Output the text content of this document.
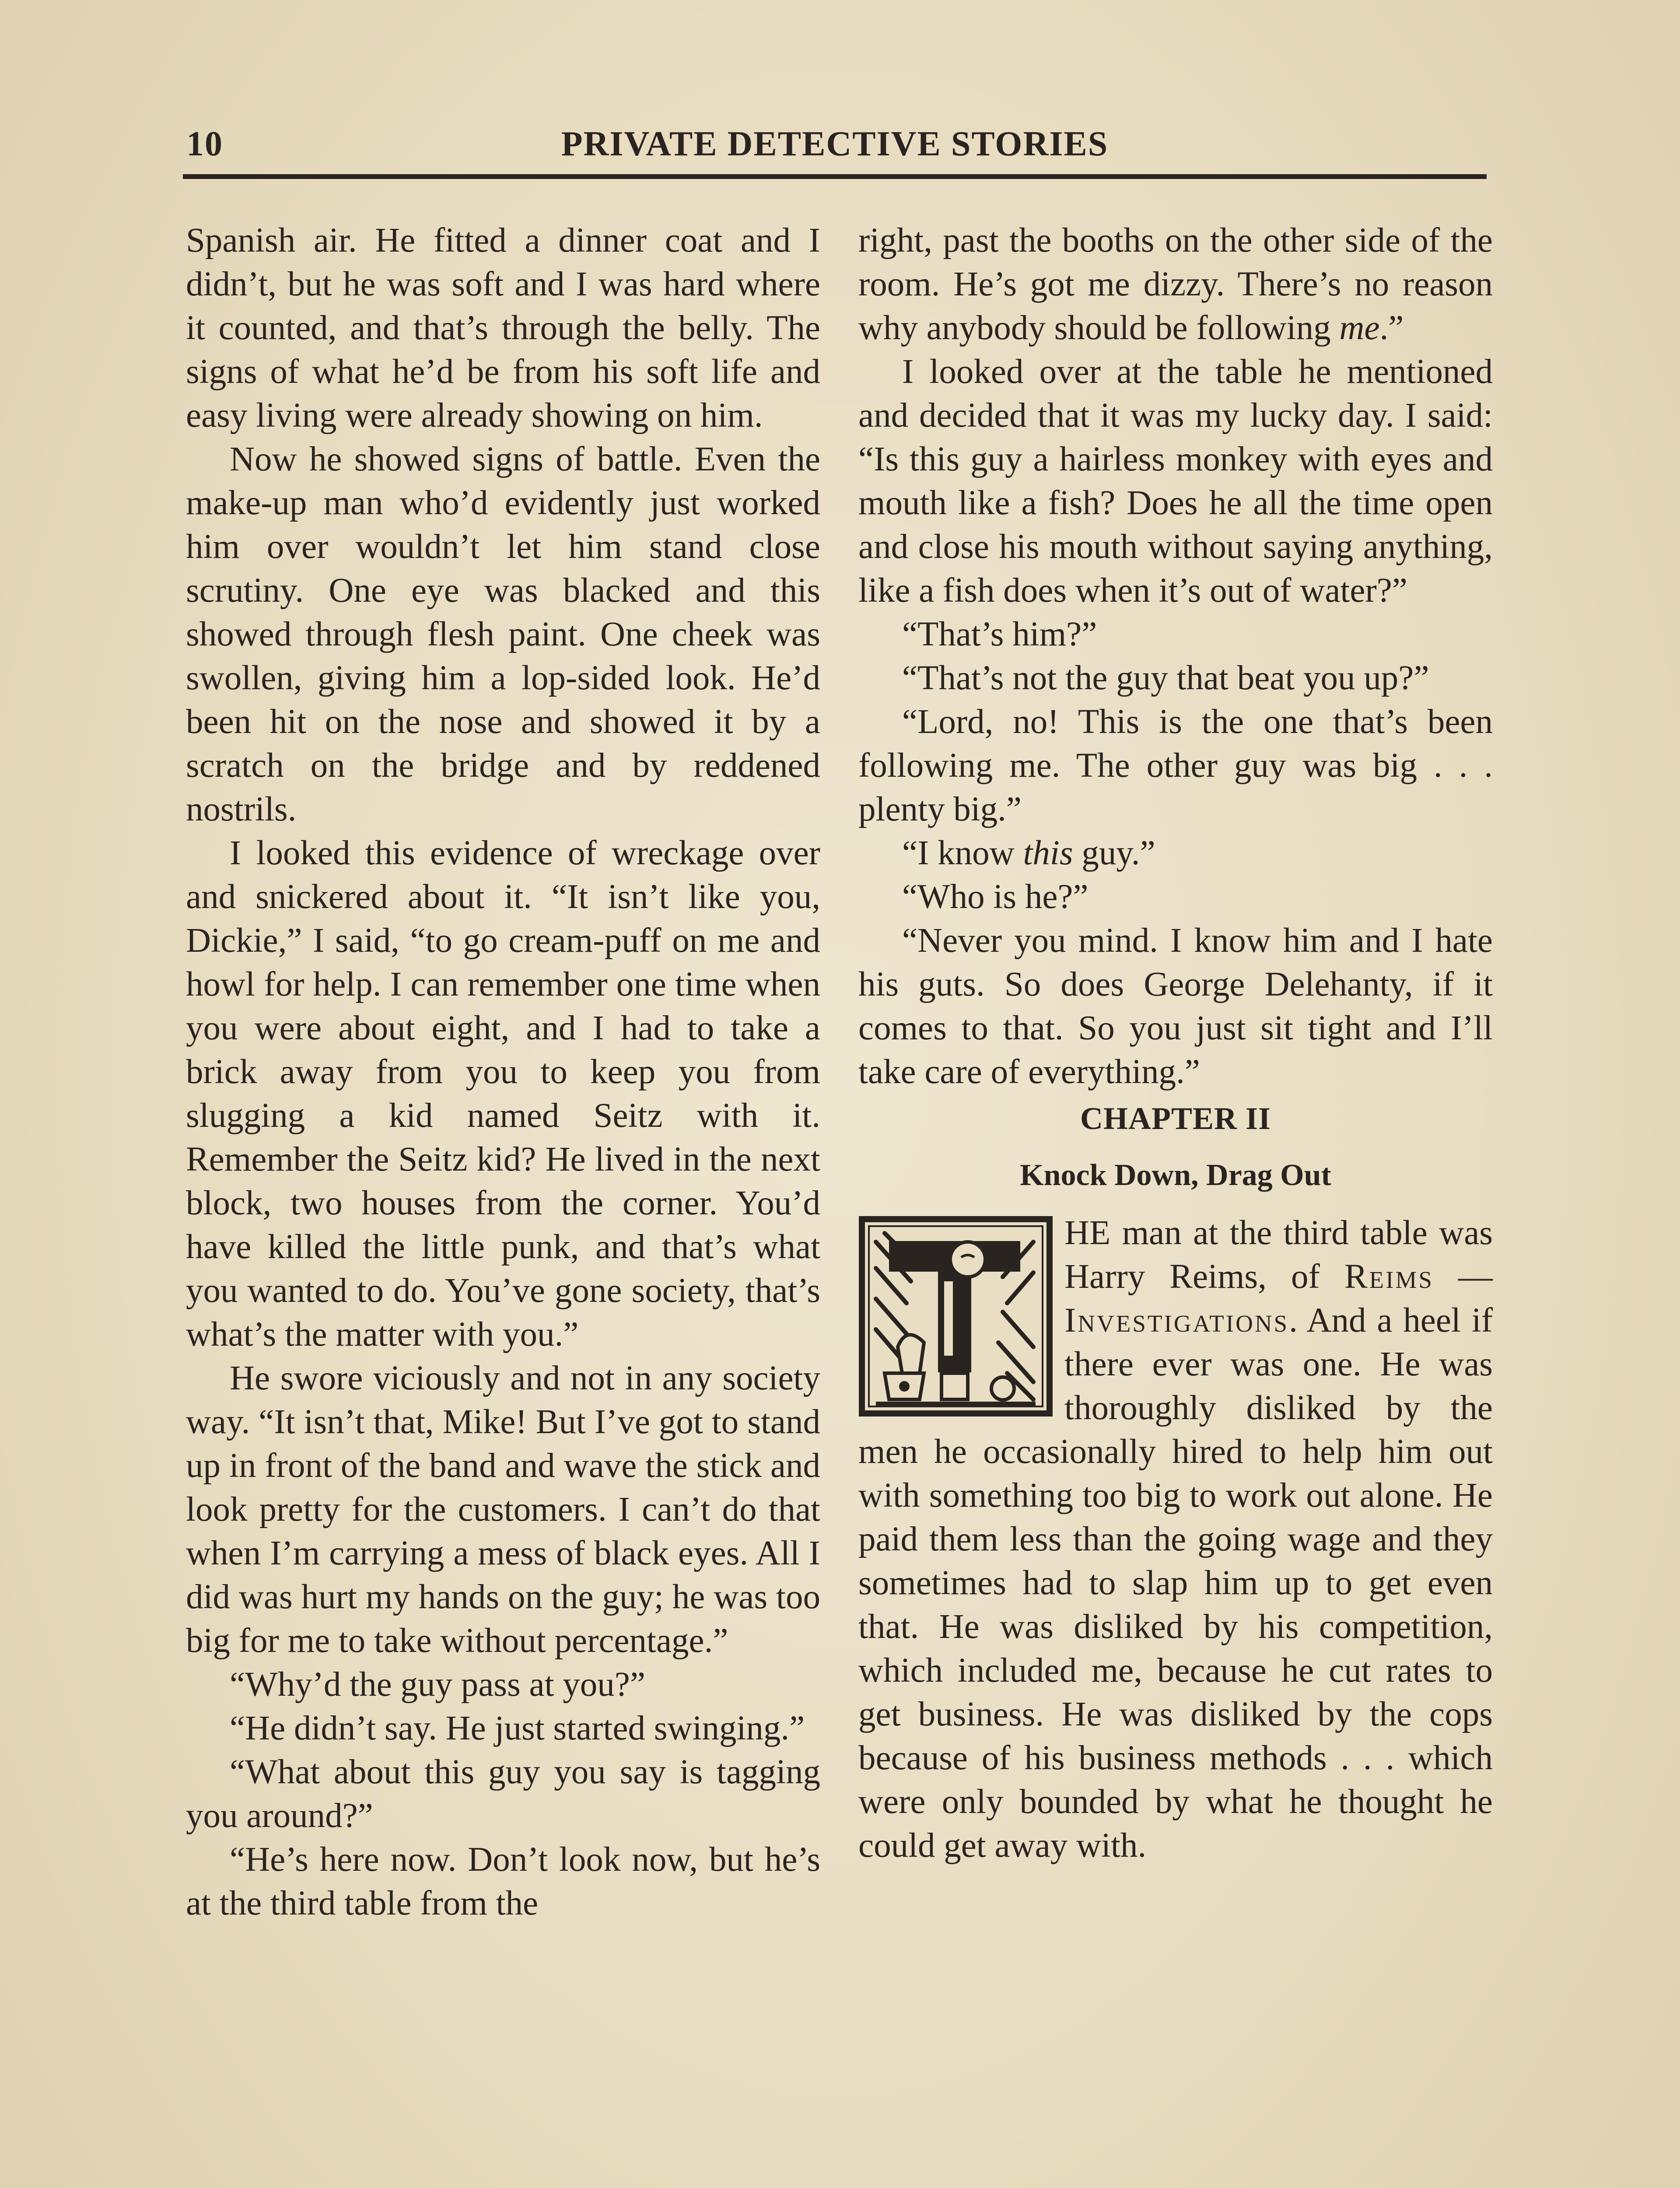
10	PRIVATE DETECTIVE STORIES

Spanish air. He fitted a dinner coat and I didn’t, but he was soft and I was hard where it counted, and that’s through the belly. The signs of what he’d be from his soft life and easy living were already showing on him.

Now he showed signs of battle. Even the make-up man who’d evidently just worked him over wouldn’t let him stand close scrutiny. One eye was blacked and this showed through flesh paint. One cheek was swollen, giving him a lop-sided look. He’d been hit on the nose and showed it by a scratch on the bridge and by reddened nostrils.

I looked this evidence of wreckage over and snickered about it. “It isn’t like you, Dickie,” I said, “to go cream-puff on me and howl for help. I can remember one time when you were about eight, and I had to take a brick away from you to keep you from slugging a kid named Seitz with it. Remember the Seitz kid? He lived in the next block, two houses from the corner. You’d have killed the little punk, and that’s what you wanted to do. You’ve gone society, that’s what’s the matter with you.”

He swore viciously and not in any society way. “It isn’t that, Mike! But I’ve got to stand up in front of the band and wave the stick and look pretty for the customers. I can’t do that when I’m carrying a mess of black eyes. All I did was hurt my hands on the guy; he was too big for me to take without percentage.”

“Why’d the guy pass at you?”

“He didn’t say. He just started swinging.”

“What about this guy you say is tagging you around?”

“He’s here now. Don’t look now, but he’s at the third table from the

right, past the booths on the other side of the room. He’s got me dizzy. There’s no reason why anybody should be following me.”

I looked over at the table he mentioned and decided that it was my lucky day. I said: “Is this guy a hairless monkey with eyes and mouth like a fish? Does he all the time open and close his mouth without saying anything, like a fish does when it’s out of water?”

“That’s him?”

“That’s not the guy that beat you up?”

“Lord, no! This is the one that’s been following me. The other guy was big . . . plenty big.”

“I know this guy.”

“Who is he?”

“Never you mind. I know him and I hate his guts. So does George Delehanty, if it comes to that. So you just sit tight and I’ll take care of everything.”

CHAPTER II
Knock Down, Drag Out

HE man at the third table was Harry Reims, of Reims — Investigations. And a heel if there ever was one. He was thoroughly disliked by the men he occasionally hired to help him out with something too big to work out alone. He paid them less than the going wage and they sometimes had to slap him up to get even that. He was disliked by his competition, which included me, because he cut rates to get business. He was disliked by the cops because of his business methods . . . which were only bounded by what he thought he could get away with.
